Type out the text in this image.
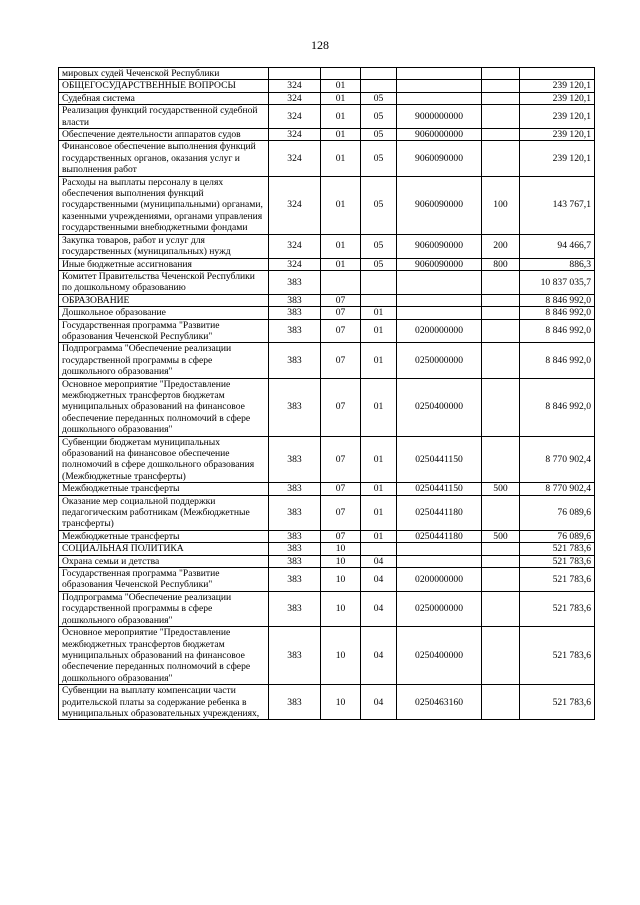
128
мировых судей Чеченской Республики						
ОБЩЕГОСУДАРСТВЕННЫЕ ВОПРОСЫ	324	01				239 120,1
Судебная система	324	01	05			239 120,1
Реализация функций государственной судебной власти	324	01	05	9000000000		239 120,1
Обеспечение деятельности аппаратов судов	324	01	05	9060000000		239 120,1
Финансовое обеспечение выполнения функций государственных органов, оказания услуг и выполнения работ	324	01	05	9060090000		239 120,1
Расходы на выплаты персоналу в целях обеспечения выполнения функций государственными (муниципальными) органами, казенными учреждениями, органами управления государственными внебюджетными фондами	324	01	05	9060090000	100	143 767,1
Закупка товаров, работ и услуг для государственных (муниципальных) нужд	324	01	05	9060090000	200	94 466,7
Иные бюджетные ассигнования	324	01	05	9060090000	800	886,3
Комитет Правительства Чеченской Республики по дошкольному образованию	383					10 837 035,7
ОБРАЗОВАНИЕ	383	07				8 846 992,0
Дошкольное образование	383	07	01			8 846 992,0
Государственная программа "Развитие образования Чеченской Республики"	383	07	01	0200000000		8 846 992,0
Подпрограмма "Обеспечение реализации государственной программы в сфере дошкольного образования"	383	07	01	0250000000		8 846 992,0
Основное мероприятие "Предоставление межбюджетных трансфертов бюджетам муниципальных образований на финансовое обеспечение переданных полномочий в сфере дошкольного образования"	383	07	01	0250400000		8 846 992,0
Субвенции бюджетам муниципальных образований на финансовое обеспечение полномочий в сфере дошкольного образования (Межбюджетные трансферты)	383	07	01	0250441150		8 770 902,4
Межбюджетные трансферты	383	07	01	0250441150	500	8 770 902,4
Оказание мер социальной поддержки педагогическим работникам (Межбюджетные трансферты)	383	07	01	0250441180		76 089,6
Межбюджетные трансферты	383	07	01	0250441180	500	76 089,6
СОЦИАЛЬНАЯ ПОЛИТИКА	383	10				521 783,6
Охрана семьи и детства	383	10	04			521 783,6
Государственная программа "Развитие образования Чеченской Республики"	383	10	04	0200000000		521 783,6
Подпрограмма "Обеспечение реализации государственной программы в сфере дошкольного образования"	383	10	04	0250000000		521 783,6
Основное мероприятие "Предоставление межбюджетных трансфертов бюджетам муниципальных образований на финансовое обеспечение переданных полномочий в сфере дошкольного образования"	383	10	04	0250400000		521 783,6
Субвенции на выплату компенсации части родительской платы за содержание ребенка в муниципальных образовательных учреждениях,	383	10	04	0250463160		521 783,6
